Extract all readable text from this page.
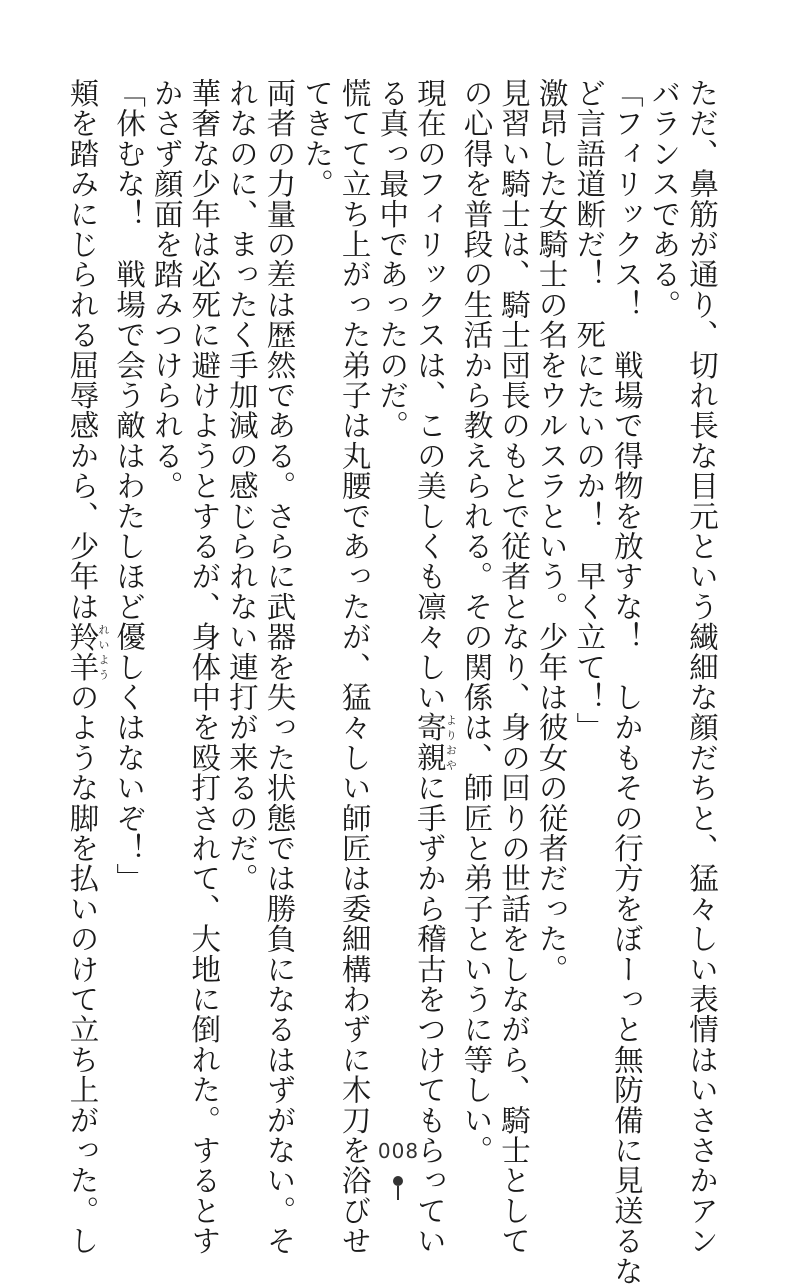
ただ、鼻筋が通り、切れ長な目元という繊細な顔だちと、猛々しい表情はいささかアン
バランスである。
「フィリックス！　戦場で得物を放すな！　しかもその行方をぼーっと無防備に見送るな
ど言語道断だ！　死にたいのか！　早く立て！」
激昂した女騎士の名をウルスラという。少年は彼女の従者だった。
見習い騎士は、騎士団長のもとで従者となり、身の回りの世話をしながら、騎士として
の心得を普段の生活から教えられる。その関係は、師匠と弟子というに等しい。
現在のフィリックスは、この美しくも凛々しい寄親よりおやに手ずから稽古をつけてもらってい
る真っ最中であったのだ。
慌てて立ち上がった弟子は丸腰であったが、猛々しい師匠は委細構わずに木刀を浴びせ
てきた。
両者の力量の差は歴然である。さらに武器を失った状態では勝負になるはずがない。そ
れなのに、まったく手加減の感じられない連打が来るのだ。
華奢な少年は必死に避けようとするが、身体中を殴打されて、大地に倒れた。するとす
かさず顔面を踏みつけられる。
「休むな！　戦場で会う敵はわたしほど優しくはないぞ！」
頬を踏みにじられる屈辱感から、少年は羚羊れいようのような脚を払いのけて立ち上がった。し	008
